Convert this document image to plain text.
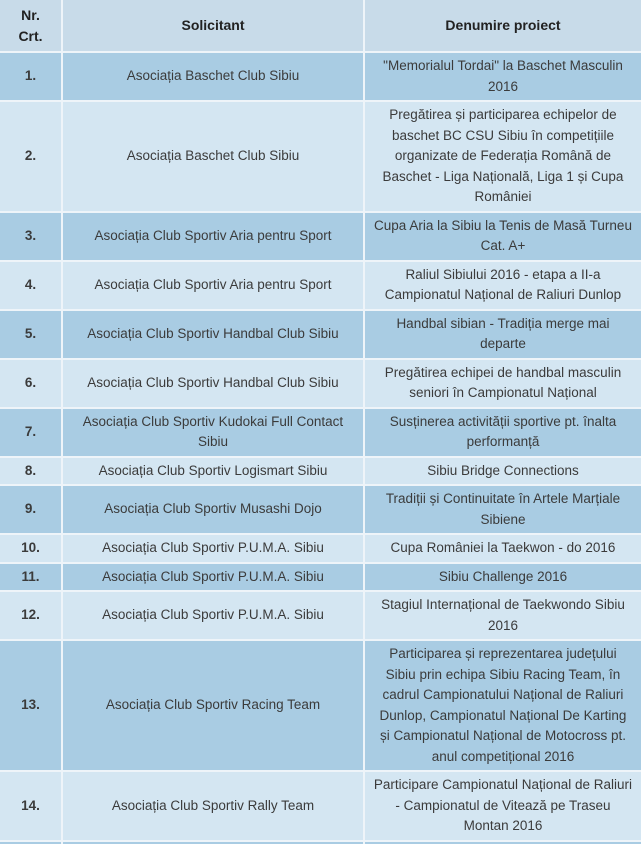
Nr. Crt.	Solicitant	Denumire proiect
1.	Asociația Baschet Club Sibiu	"Memorialul Tordai" la Baschet Masculin 2016
2.	Asociația Baschet Club Sibiu	Pregătirea și participarea echipelor de baschet BC CSU Sibiu în competițiile organizate de Federația Română de Baschet - Liga Națională, Liga 1 și Cupa României
3.	Asociația Club Sportiv Aria pentru Sport	Cupa Aria la Sibiu la Tenis de Masă Turneu Cat. A+
4.	Asociația Club Sportiv Aria pentru Sport	Raliul Sibiului 2016 - etapa a II-a Campionatul Național de Raliuri Dunlop
5.	Asociația Club Sportiv Handbal Club Sibiu	Handbal sibian - Tradiția merge mai departe
6.	Asociația Club Sportiv Handbal Club Sibiu	Pregătirea echipei de handbal masculin seniori în Campionatul Național
7.	Asociația Club Sportiv Kudokai Full Contact Sibiu	Susținerea activității sportive pt. înalta performanță
8.	Asociația Club Sportiv Logismart Sibiu	Sibiu Bridge Connections
9.	Asociația Club Sportiv Musashi Dojo	Tradiții și Continuitate în Artele Marțiale Sibiene
10.	Asociația Club Sportiv P.U.M.A. Sibiu	Cupa României la Taekwon - do 2016
11.	Asociația Club Sportiv P.U.M.A. Sibiu	Sibiu Challenge 2016
12.	Asociația Club Sportiv P.U.M.A. Sibiu	Stagiul Internațional de Taekwondo Sibiu 2016
13.	Asociația Club Sportiv Racing Team	Participarea și reprezentarea județului Sibiu prin echipa Sibiu Racing Team, în cadrul Campionatului Național de Raliuri Dunlop, Campionatul Național De Karting și Campionatul Național de Motocross pt. anul competițional 2016
14.	Asociația Club Sportiv Rally Team	Participare Campionatul Național de Raliuri - Campionatul de Vitează pe Traseu Montan 2016
